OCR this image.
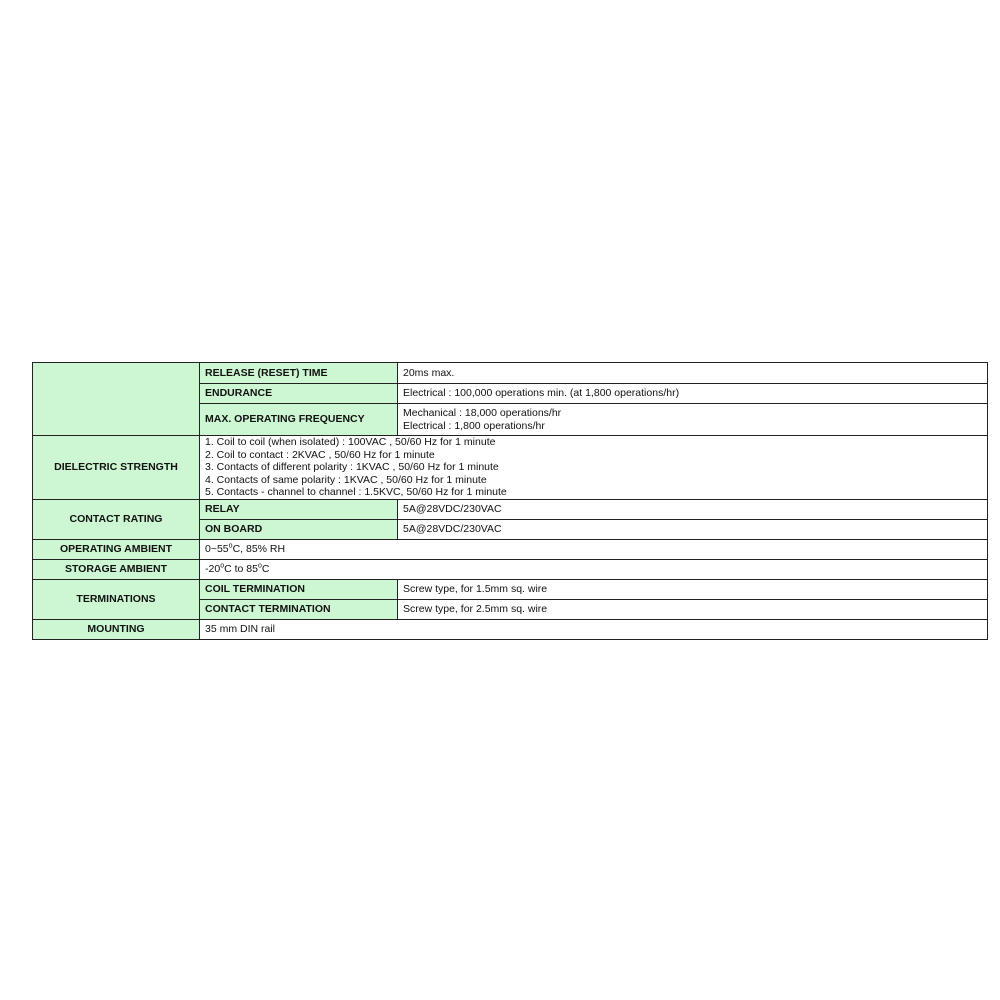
	RELEASE (RESET) TIME	20ms max.
	ENDURANCE	Electrical : 100,000 operations min. (at 1,800 operations/hr)
	MAX. OPERATING FREQUENCY	Mechanical : 18,000 operations/hr
Electrical : 1,800 operations/hr

DIELECTRIC STRENGTH	1. Coil to coil (when isolated) : 100VAC , 50/60 Hz for 1 minute
2. Coil to contact : 2KVAC , 50/60 Hz for 1 minute
3. Contacts of different polarity : 1KVAC , 50/60 Hz for 1 minute
4. Contacts of same polarity : 1KVAC , 50/60 Hz for 1 minute
5. Contacts - channel to channel : 1.5KVC, 50/60 Hz for 1 minute	

CONTACT RATING	RELAY	5A@28VDC/230VAC
	ON BOARD	5A@28VDC/230VAC
OPERATING AMBIENT	0~55$^o$C, 85% RH	
STORAGE AMBIENT	-20$^o$C to 85$^o$C	
TERMINATIONS	COIL TERMINATION	Screw type, for 1.5mm sq. wire
	CONTACT TERMINATION	Screw type, for 2.5mm sq. wire
MOUNTING	35 mm DIN rail	
